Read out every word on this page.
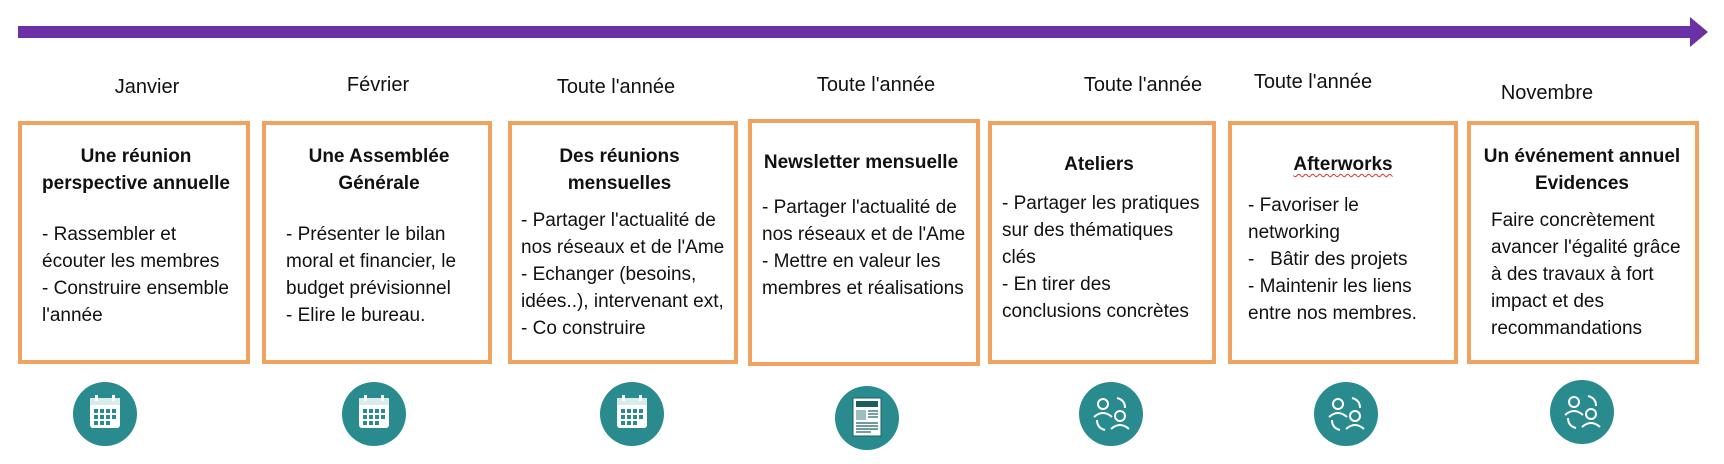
Janvier	Février	Toute l'année	Toute l'année	Toute l'année	Toute l'année	Novembre
Une réunion perspective annuelle
- Rassembler et
écouter les membres
- Construire ensemble
l'année
Une Assemblée Générale
- Présenter le bilan
moral et financier, le
budget prévisionnel
- Elire le bureau.
Des réunions mensuelles
- Partager l'actualité de
nos réseaux et de l'Ame
- Echanger (besoins,
idées..), intervenant ext,
- Co construire
Newsletter mensuelle
- Partager l'actualité de
nos réseaux et de l'Ame
- Mettre en valeur les
membres et réalisations
Ateliers
- Partager les pratiques
sur des thématiques
clés
- En tirer des
conclusions concrètes
Afterworks
- Favoriser le
networking
-   Bâtir des projets
- Maintenir les liens
entre nos membres.
Un événement annuel Evidences
Faire concrètement
avancer l'égalité grâce
à des travaux à fort
impact et des
recommandations
